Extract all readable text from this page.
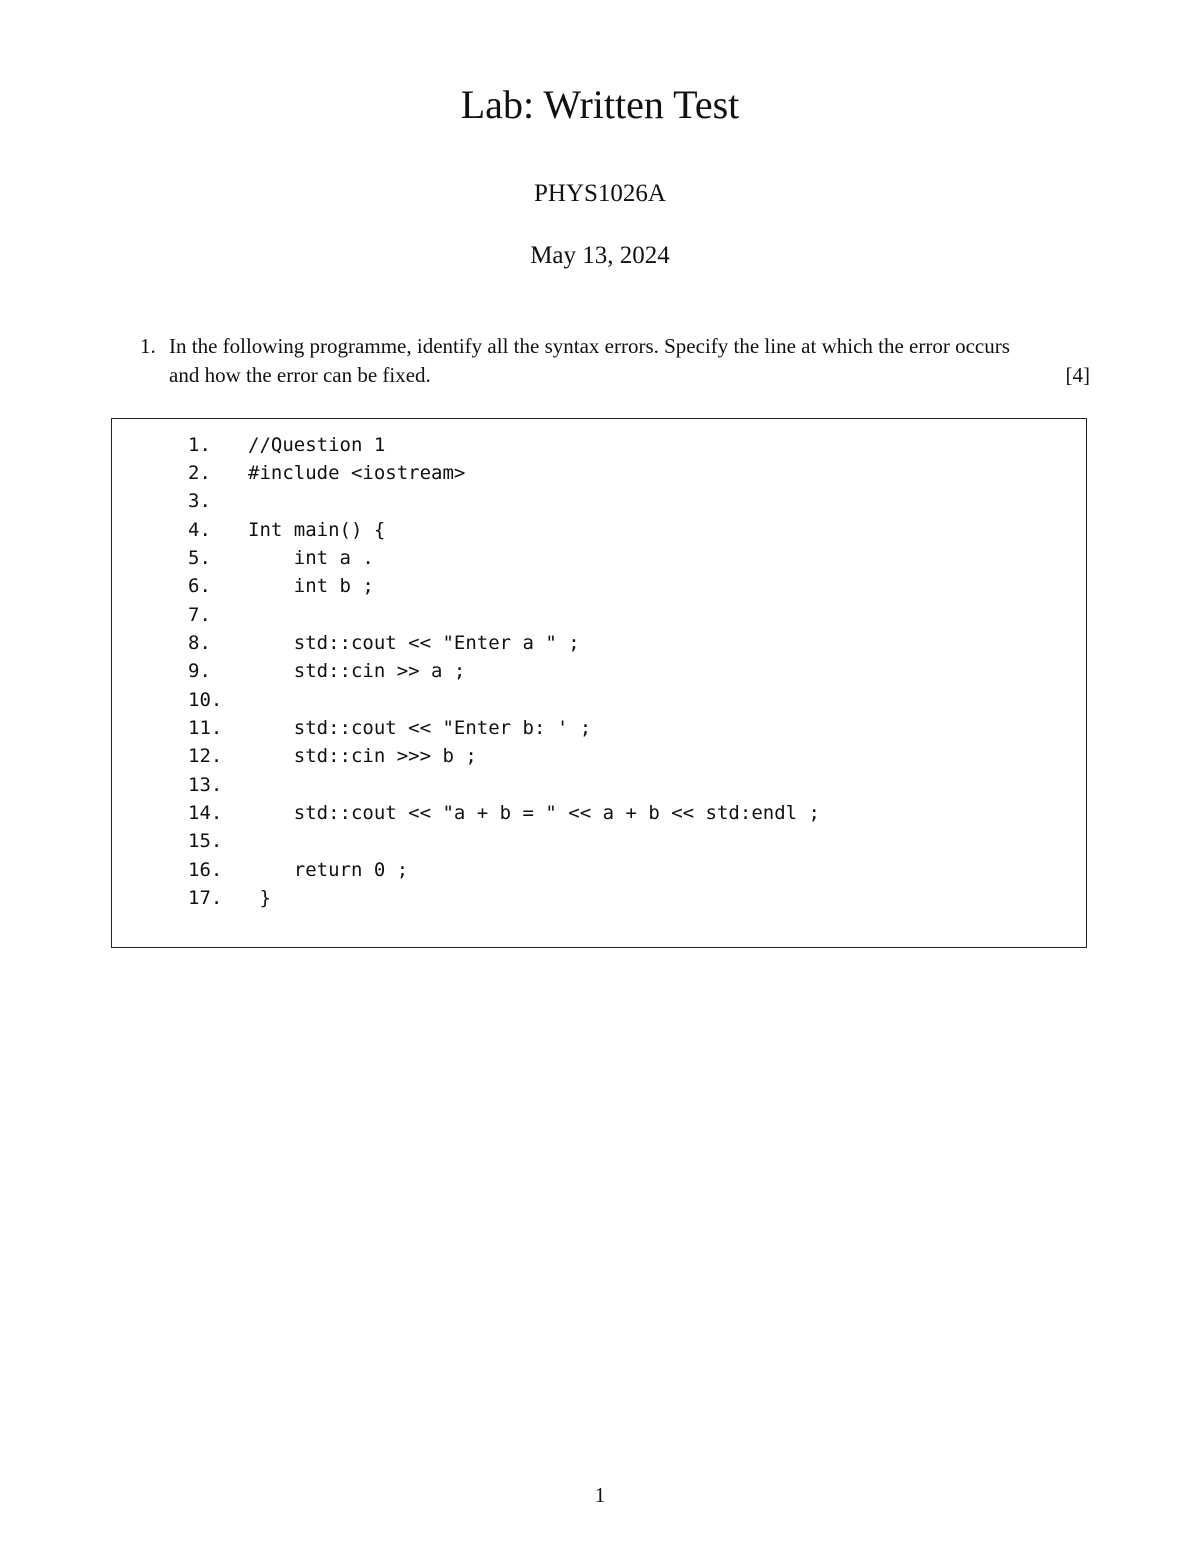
Lab: Written Test
PHYS1026A
May 13, 2024
1. In the following programme, identify all the syntax errors. Specify the line at which the error occurs
and how the error can be fixed.	[4]
1. //Question 1
2. #include <iostream>
3.
4. Int main() {
5.    int a .
6.    int b ;
7.
8.    std::cout << "Enter a " ;
9.    std::cin >> a ;
10.
11.    std::cout << "Enter b: ' ;
12.    std::cin >>> b ;
13.
14.    std::cout << "a + b = " << a + b << std:endl ;
15.
16.    return 0 ;
17. }
1
